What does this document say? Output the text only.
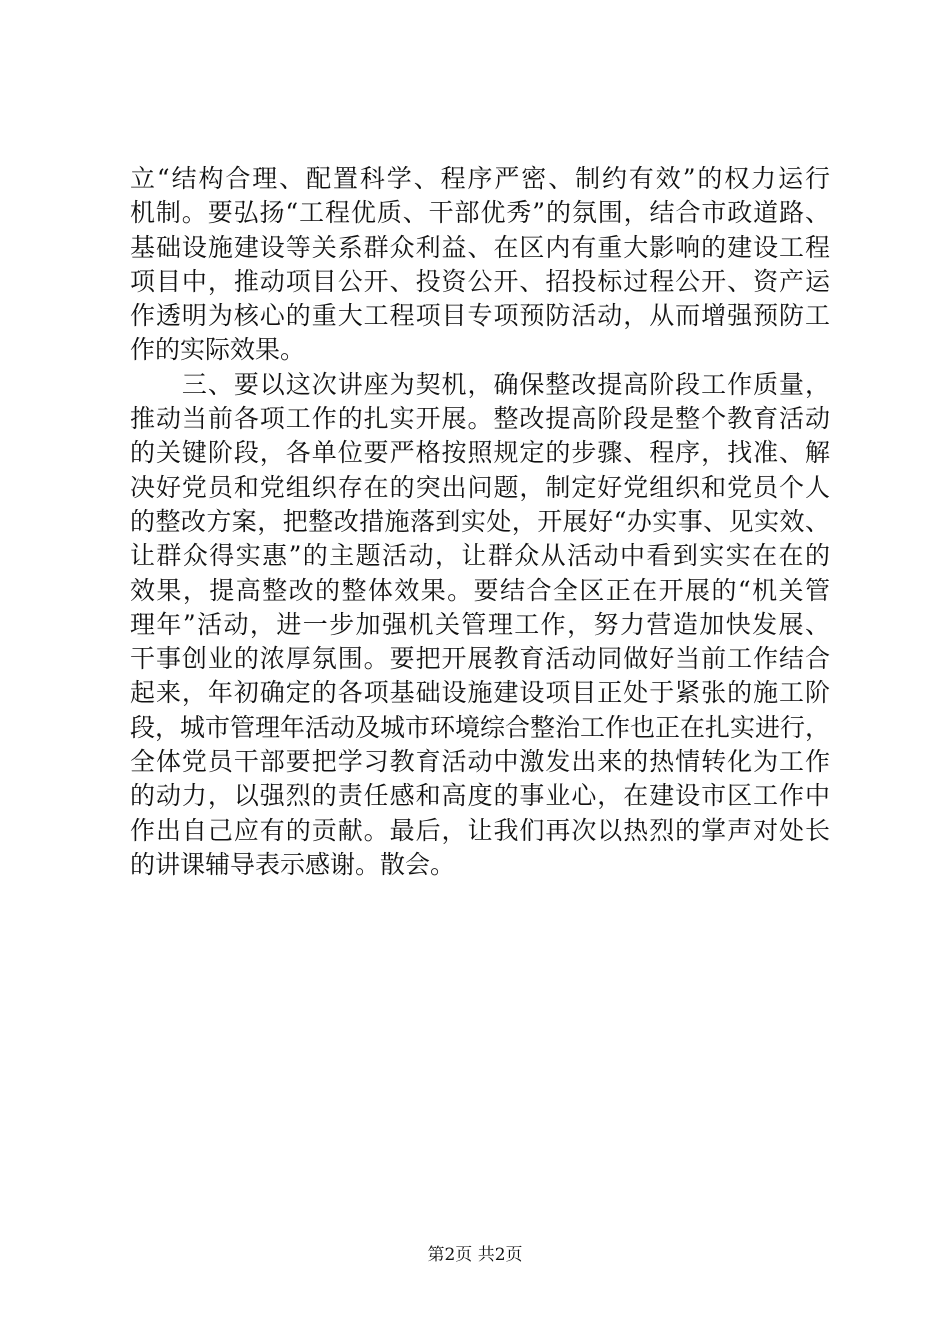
立“结构合理、配置科学、程序严密、制约有效”的权力运行
机制。要弘扬“工程优质、干部优秀”的氛围，结合市政道路、
基础设施建设等关系群众利益、在区内有重大影响的建设工程
项目中，推动项目公开、投资公开、招投标过程公开、资产运
作透明为核心的重大工程项目专项预防活动，从而增强预防工
作的实际效果。
　　三、要以这次讲座为契机，确保整改提高阶段工作质量，
推动当前各项工作的扎实开展。整改提高阶段是整个教育活动
的关键阶段，各单位要严格按照规定的步骤、程序，找准、解
决好党员和党组织存在的突出问题，制定好党组织和党员个人
的整改方案，把整改措施落到实处，开展好“办实事、见实效、
让群众得实惠”的主题活动，让群众从活动中看到实实在在的
效果，提高整改的整体效果。要结合全区正在开展的“机关管
理年”活动，进一步加强机关管理工作，努力营造加快发展、
干事创业的浓厚氛围。要把开展教育活动同做好当前工作结合
起来，年初确定的各项基础设施建设项目正处于紧张的施工阶
段，城市管理年活动及城市环境综合整治工作也正在扎实进行，
全体党员干部要把学习教育活动中激发出来的热情转化为工作
的动力，以强烈的责任感和高度的事业心，在建设市区工作中
作出自己应有的贡献。最后，让我们再次以热烈的掌声对处长
的讲课辅导表示感谢。散会。
第2页 共2页
